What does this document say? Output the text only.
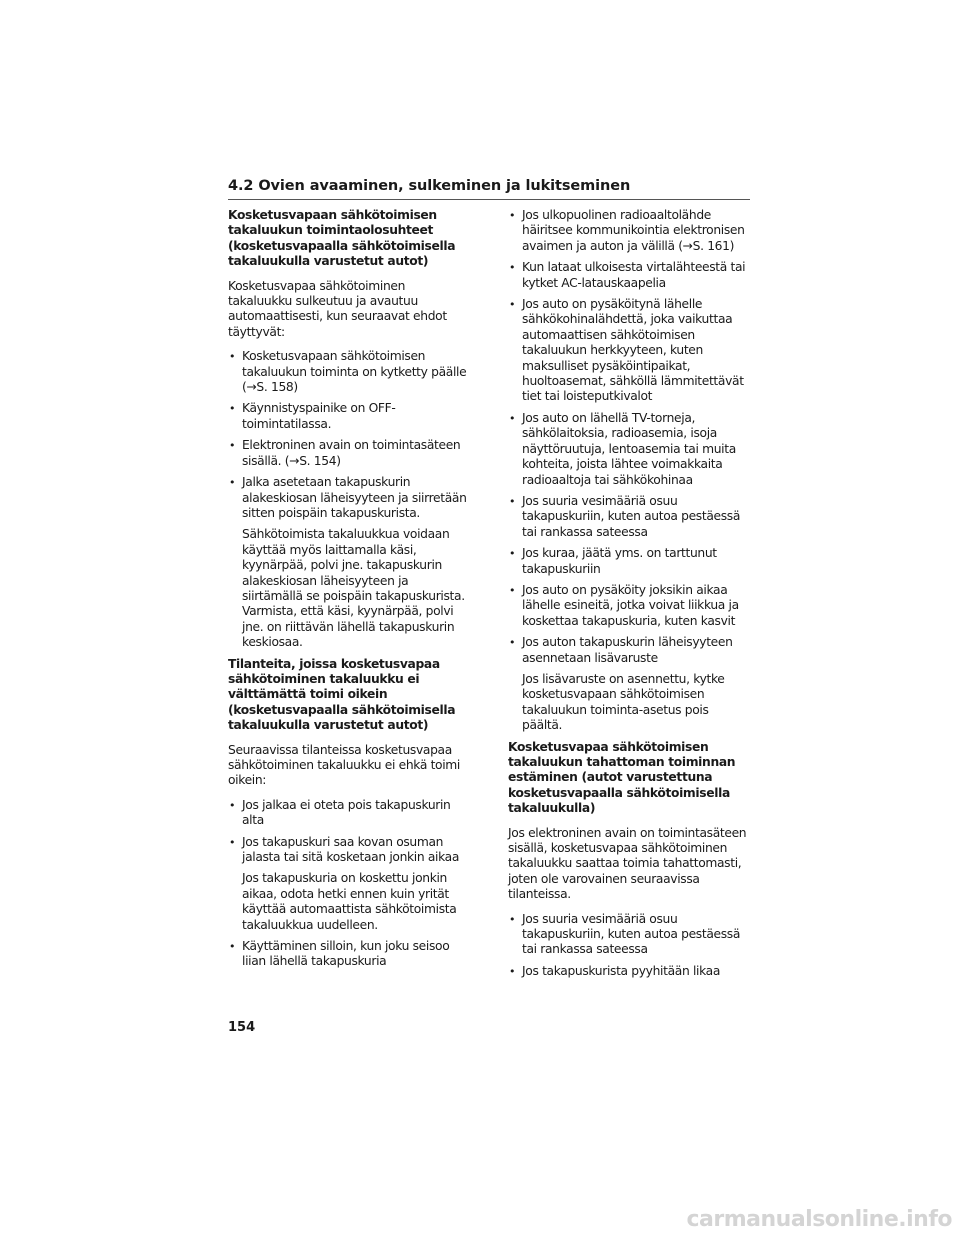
4.2 Ovien avaaminen, sulkeminen ja lukitseminen
Kosketusvapaan sähkötoimisen takaluukun toimintaolosuhteet (kosketusvapaalla sähkötoimisella takaluukulla varustetut autot)

Kosketusvapaa sähkötoiminen takaluukku sulkeutuu ja avautuu automaattisesti, kun seuraavat ehdot täyttyvät:

• Kosketusvapaan sähkötoimisen takaluukun toiminta on kytketty päälle (→S. 158)
• Käynnistyspainike on OFF-toimintatilassa.
• Elektroninen avain on toimintasäteen sisällä. (→S. 154)
• Jalka asetetaan takapuskurin alakeskiosan läheisyyteen ja siirretään sitten poispäin takapuskurista.
Sähkötoimista takaluukkua voidaan käyttää myös laittamalla käsi, kyynärpää, polvi jne. takapuskurin alakeskiosan läheisyyteen ja siirtämällä se poispäin takapuskurista. Varmista, että käsi, kyynärpää, polvi jne. on riittävän lähellä takapuskurin keskiosaa.
Tilanteita, joissa kosketusvapaa sähkötoiminen takaluukku ei välttämättä toimi oikein (kosketusvapaalla sähkötoimisella takaluukulla varustetut autot)

Seuraavissa tilanteissa kosketusvapaa sähkötoiminen takaluukku ei ehkä toimi oikein:

• Jos jalkaa ei oteta pois takapuskurin alta
• Jos takapuskuri saa kovan osuman jalasta tai sitä kosketaan jonkin aikaa
Jos takapuskuria on koskettu jonkin aikaa, odota hetki ennen kuin yrität käyttää automaattista sähkötoimista takaluukkua uudelleen.
• Käyttäminen silloin, kun joku seisoo liian lähellä takapuskuria
• Jos ulkopuolinen radioaaltolähde häiritsee kommunikointia elektronisen avaimen ja auton ja välillä (→S. 161)
• Kun lataat ulkoisesta virtalähteestä tai kytket AC-latauskaapelia
• Jos auto on pysäköitynä lähelle sähkökohinalähdettä, joka vaikuttaa automaattisen sähkötoimisen takaluukun herkkyyteen, kuten maksulliset pysäköintipaikat, huoltoasemat, sähköllä lämmitettävät tiet tai loisteputkivalot
• Jos auto on lähellä TV-torneja, sähkölaitoksia, radioasemia, isoja näyttöruutuja, lentoasemia tai muita kohteita, joista lähtee voimakkaita radioaaltoja tai sähkökohinaa
• Jos suuria vesimääriä osuu takapuskuriin, kuten autoa pestäessä tai rankassa sateessa
• Jos kuraa, jäätä yms. on tarttunut takapuskuriin
• Jos auto on pysäköity joksikin aikaa lähelle esineitä, jotka voivat liikkua ja koskettaa takapuskuria, kuten kasvit
• Jos auton takapuskurin läheisyyteen asennetaan lisävaruste
Jos lisävaruste on asennettu, kytke kosketusvapaan sähkötoimisen takaluukun toiminta-asetus pois päältä.
Kosketusvapaa sähkötoimisen takaluukun tahattoman toiminnan estäminen (autot varustettuna kosketusvapaalla sähkötoimisella takaluukulla)

Jos elektroninen avain on toimintasäteen sisällä, kosketusvapaa sähkötoiminen takaluukku saattaa toimia tahattomasti, joten ole varovainen seuraavissa tilanteissa.

• Jos suuria vesimääriä osuu takapuskuriin, kuten autoa pestäessä tai rankassa sateessa
• Jos takapuskurista pyyhitään likaa
154
carmanualsonline.info
